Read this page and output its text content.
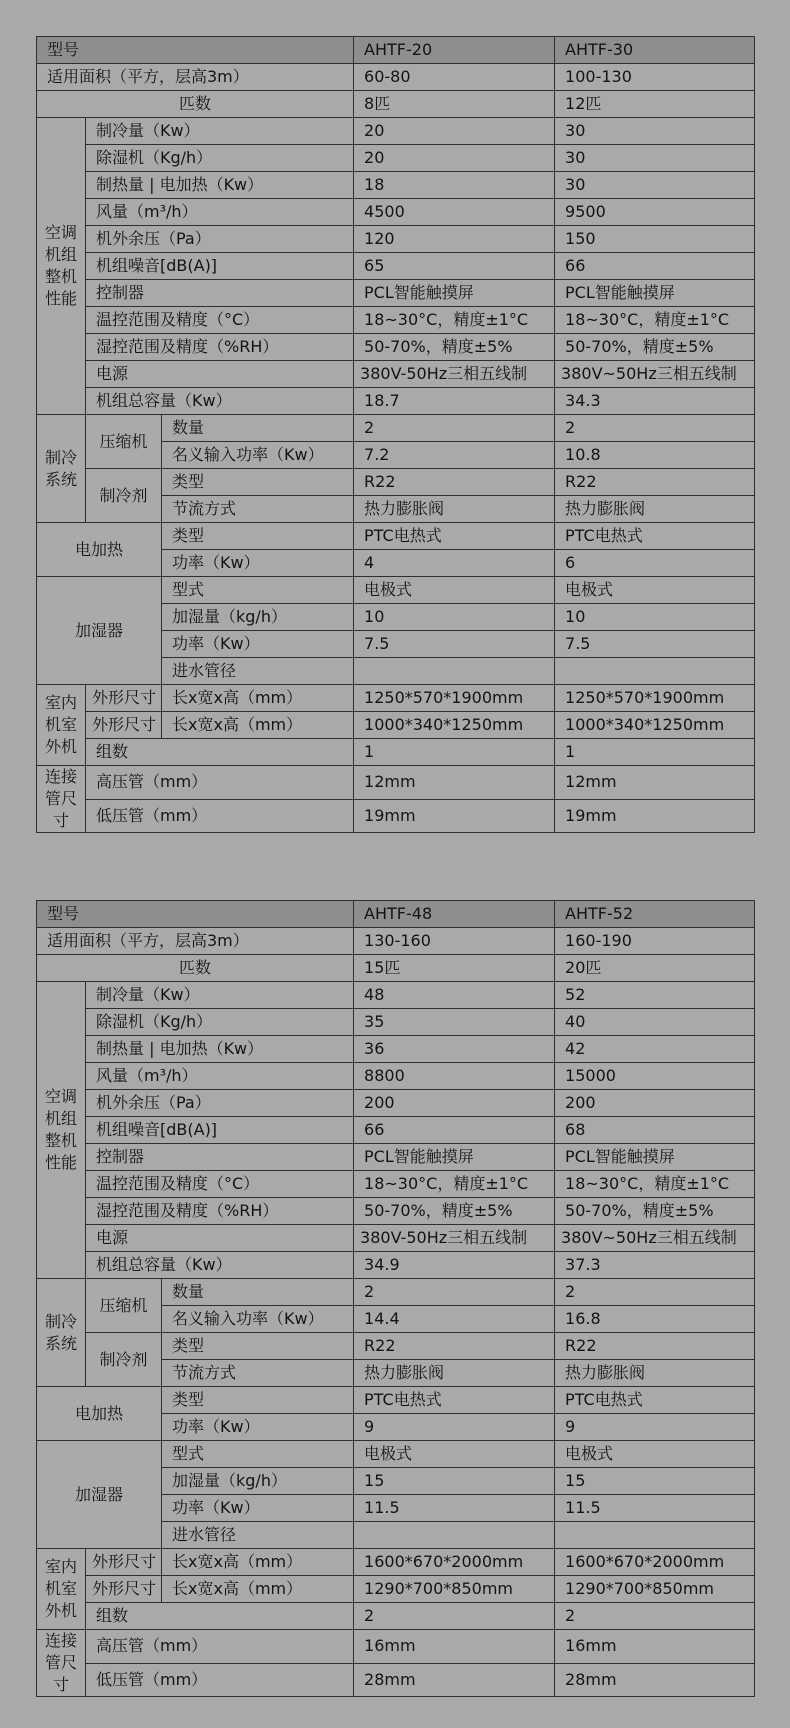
型号			AHTF-20	AHTF-30
适用面积（平方，层高3m）			60-80	100-130
匹数			8匹	12匹
空调机组整机性能	制冷量（Kw）		20	30
	除湿机（Kg/h）		20	30
	制热量 | 电加热（Kw）		18	30
	风量（m³/h）		4500	9500
	机外余压（Pa）		120	150
	机组噪音[dB(A)]		65	66
	控制器		PCL智能触摸屏	PCL智能触摸屏
	温控范围及精度（°C）		18~30°C，精度±1°C	18~30°C，精度±1°C
	湿控范围及精度（%RH）		50-70%，精度±5%	50-70%，精度±5%
	电源		380V-50Hz三相五线制	380V~50Hz三相五线制
	机组总容量（Kw）		18.7	34.3
制冷系统	压缩机	数量	2	2
		名义输入功率（Kw）	7.2	10.8
	制冷剂	类型	R22	R22
		节流方式	热力膨胀阀	热力膨胀阀
电加热		类型	PTC电热式	PTC电热式
		功率（Kw）	4	6
加湿器		型式	电极式	电极式
		加湿量（kg/h）	10	10
		功率（Kw）	7.5	7.5
		进水管径		
室内机室外机	外形尺寸	长x宽x高（mm）	1250*570*1900mm	1250*570*1900mm
	外形尺寸	长x宽x高（mm）	1000*340*1250mm	1000*340*1250mm
	组数		1	1
连接管尺寸	高压管（mm）		12mm	12mm
	低压管（mm）		19mm	19mm
型号			AHTF-48	AHTF-52
适用面积（平方，层高3m）			130-160	160-190
匹数			15匹	20匹
空调机组整机性能	制冷量（Kw）		48	52
	除湿机（Kg/h）		35	40
	制热量 | 电加热（Kw）		36	42
	风量（m³/h）		8800	15000
	机外余压（Pa）		200	200
	机组噪音[dB(A)]		66	68
	控制器		PCL智能触摸屏	PCL智能触摸屏
	温控范围及精度（°C）		18~30°C，精度±1°C	18~30°C，精度±1°C
	湿控范围及精度（%RH）		50-70%，精度±5%	50-70%，精度±5%
	电源		380V-50Hz三相五线制	380V~50Hz三相五线制
	机组总容量（Kw）		34.9	37.3
制冷系统	压缩机	数量	2	2
		名义输入功率（Kw）	14.4	16.8
	制冷剂	类型	R22	R22
		节流方式	热力膨胀阀	热力膨胀阀
电加热		类型	PTC电热式	PTC电热式
		功率（Kw）	9	9
加湿器		型式	电极式	电极式
		加湿量（kg/h）	15	15
		功率（Kw）	11.5	11.5
		进水管径		
室内机室外机	外形尺寸	长x宽x高（mm）	1600*670*2000mm	1600*670*2000mm
	外形尺寸	长x宽x高（mm）	1290*700*850mm	1290*700*850mm
	组数		2	2
连接管尺寸	高压管（mm）		16mm	16mm
	低压管（mm）		28mm	28mm
